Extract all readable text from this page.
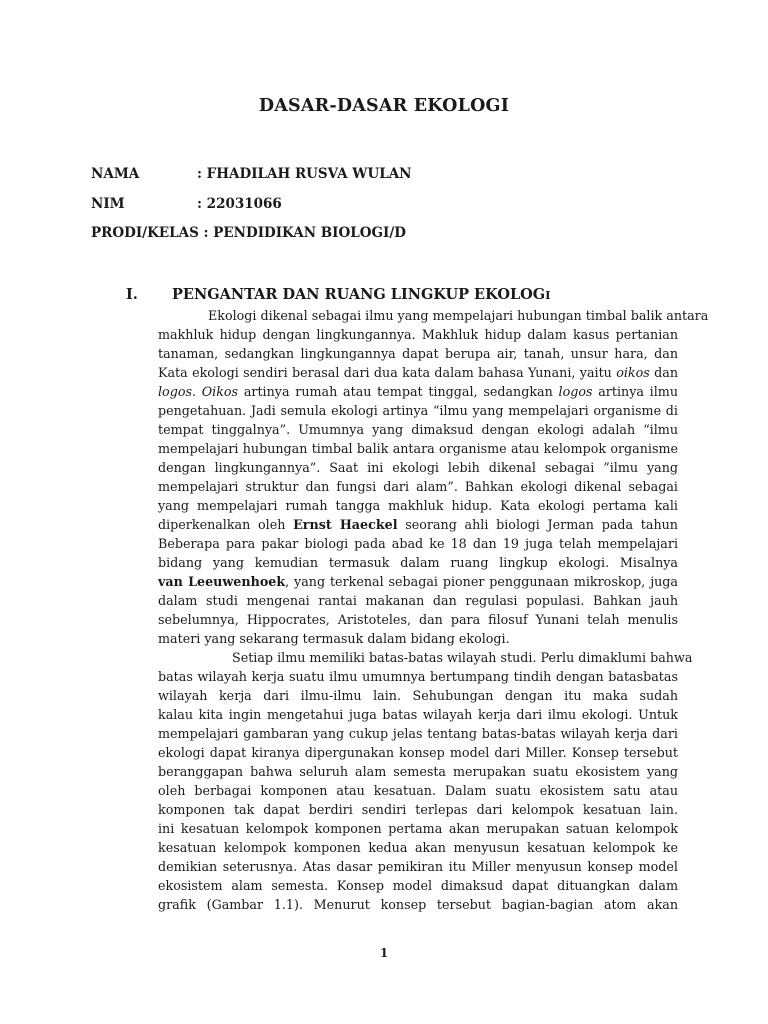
DASAR-DASAR EKOLOGI
NAMA	: FHADILAH RUSVA WULAN
NIM	: 22031066
PRODI/KELAS : PENDIDIKAN BIOLOGI/D
I. PENGANTAR DAN RUANG LINGKUP EKOLOGI
Ekologi dikenal sebagai ilmu yang mempelajari hubungan timbal balik antara
makhluk hidup dengan lingkungannya. Makhluk hidup dalam kasus pertanian
tanaman, sedangkan lingkungannya dapat berupa air, tanah, unsur hara, dan
Kata ekologi sendiri berasal dari dua kata dalam bahasa Yunani, yaitu oikos dan
logos. Oikos artinya rumah atau tempat tinggal, sedangkan logos artinya ilmu
pengetahuan. Jadi semula ekologi artinya “ilmu yang mempelajari organisme di
tempat tinggalnya”. Umumnya yang dimaksud dengan ekologi adalah “ilmu
mempelajari hubungan timbal balik antara organisme atau kelompok organisme
dengan lingkungannya”. Saat ini ekologi lebih dikenal sebagai ”ilmu yang
mempelajari struktur dan fungsi dari alam”. Bahkan ekologi dikenal sebagai
yang mempelajari rumah tangga makhluk hidup. Kata ekologi pertama kali
diperkenalkan oleh Ernst Haeckel seorang ahli biologi Jerman pada tahun
Beberapa para pakar biologi pada abad ke 18 dan 19 juga telah mempelajari
bidang yang kemudian termasuk dalam ruang lingkup ekologi. Misalnya
van Leeuwenhoek, yang terkenal sebagai pioner penggunaan mikroskop, juga
dalam studi mengenai rantai makanan dan regulasi populasi. Bahkan jauh
sebelumnya, Hippocrates, Aristoteles, dan para filosuf Yunani telah menulis
materi yang sekarang termasuk dalam bidang ekologi.
Setiap ilmu memiliki batas-batas wilayah studi. Perlu dimaklumi bahwa
batas wilayah kerja suatu ilmu umumnya bertumpang tindih dengan batasbatas
wilayah kerja dari ilmu-ilmu lain. Sehubungan dengan itu maka sudah
kalau kita ingin mengetahui juga batas wilayah kerja dari ilmu ekologi. Untuk
mempelajari gambaran yang cukup jelas tentang batas-batas wilayah kerja dari
ekologi dapat kiranya dipergunakan konsep model dari Miller. Konsep tersebut
beranggapan bahwa seluruh alam semesta merupakan suatu ekosistem yang
oleh berbagai komponen atau kesatuan. Dalam suatu ekosistem satu atau
komponen tak dapat berdiri sendiri terlepas dari kelompok kesatuan lain.
ini kesatuan kelompok komponen pertama akan merupakan satuan kelompok
kesatuan kelompok komponen kedua akan menyusun kesatuan kelompok ke
demikian seterusnya. Atas dasar pemikiran itu Miller menyusun konsep model
ekosistem alam semesta. Konsep model dimaksud dapat dituangkan dalam
grafik (Gambar 1.1). Menurut konsep tersebut bagian-bagian atom akan
1
